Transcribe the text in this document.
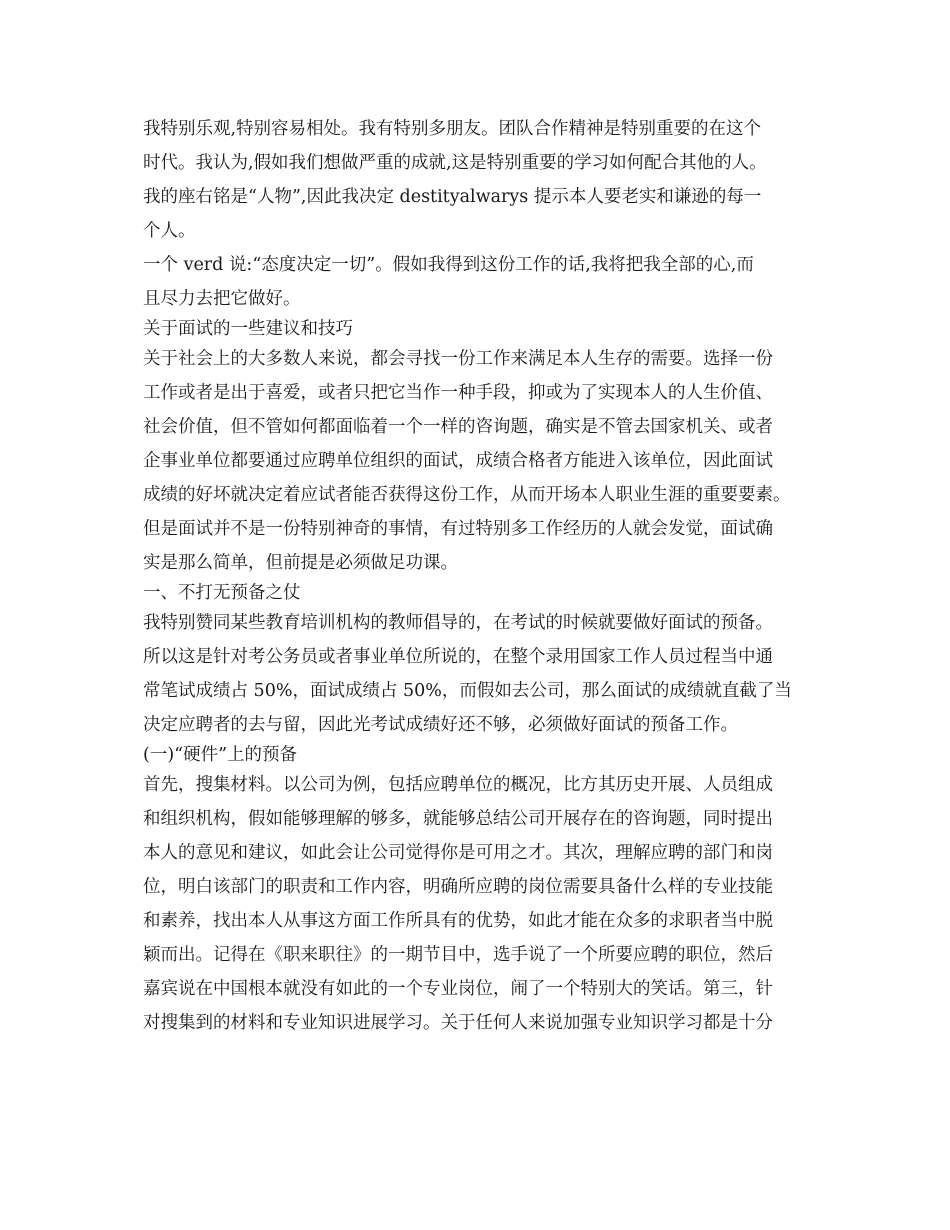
我特别乐观,特别容易相处。我有特别多朋友。团队合作精神是特别重要的在这个
时代。我认为,假如我们想做严重的成就,这是特别重要的学习如何配合其他的人。
我的座右铭是“人物”,因此我决定 destityalwarys 提示本人要老实和谦逊的每一
个人。
一个 verd 说:“态度决定一切”。假如我得到这份工作的话,我将把我全部的心,而
且尽力去把它做好。
关于面试的一些建议和技巧
关于社会上的大多数人来说，都会寻找一份工作来满足本人生存的需要。选择一份
工作或者是出于喜爱，或者只把它当作一种手段，抑或为了实现本人的人生价值、
社会价值，但不管如何都面临着一个一样的咨询题，确实是不管去国家机关、或者
企事业单位都要通过应聘单位组织的面试，成绩合格者方能进入该单位，因此面试
成绩的好坏就决定着应试者能否获得这份工作，从而开场本人职业生涯的重要要素。
但是面试并不是一份特别神奇的事情，有过特别多工作经历的人就会发觉，面试确
实是那么简单，但前提是必须做足功课。
一、不打无预备之仗
我特别赞同某些教育培训机构的教师倡导的，在考试的时候就要做好面试的预备。
所以这是针对考公务员或者事业单位所说的，在整个录用国家工作人员过程当中通
常笔试成绩占 50%，面试成绩占 50%，而假如去公司，那么面试的成绩就直截了当
决定应聘者的去与留，因此光考试成绩好还不够，必须做好面试的预备工作。
(一)“硬件”上的预备
首先，搜集材料。以公司为例，包括应聘单位的概况，比方其历史开展、人员组成
和组织机构，假如能够理解的够多，就能够总结公司开展存在的咨询题，同时提出
本人的意见和建议，如此会让公司觉得你是可用之才。其次，理解应聘的部门和岗
位，明白该部门的职责和工作内容，明确所应聘的岗位需要具备什么样的专业技能
和素养，找出本人从事这方面工作所具有的优势，如此才能在众多的求职者当中脱
颖而出。记得在《职来职往》的一期节目中，选手说了一个所要应聘的职位，然后
嘉宾说在中国根本就没有如此的一个专业岗位，闹了一个特别大的笑话。第三，针
对搜集到的材料和专业知识进展学习。关于任何人来说加强专业知识学习都是十分
